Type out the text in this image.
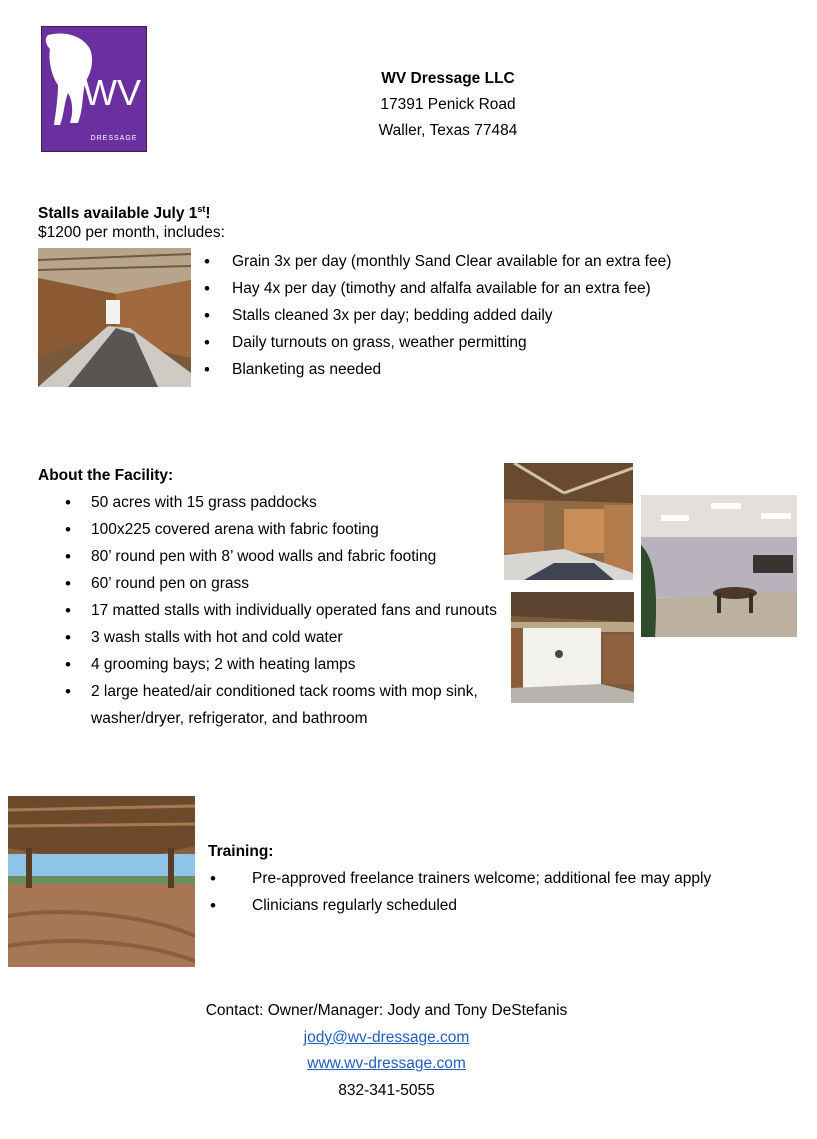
WV
DRESSAGE
WV Dressage LLC
17391 Penick Road
Waller, Texas 77484
Stalls available July 1st!
$1200 per month, includes:
• Grain 3x per day (monthly Sand Clear available for an extra fee)
• Hay 4x per day (timothy and alfalfa available for an extra fee)
• Stalls cleaned 3x per day; bedding added daily
• Daily turnouts on grass, weather permitting
• Blanketing as needed
About the Facility:
• 50 acres with 15 grass paddocks
• 100x225 covered arena with fabric footing
• 80’ round pen with 8’ wood walls and fabric footing
• 60’ round pen on grass
• 17 matted stalls with individually operated fans and runouts
• 3 wash stalls with hot and cold water
• 4 grooming bays; 2 with heating lamps
• 2 large heated/air conditioned tack rooms with mop sink, washer/dryer, refrigerator, and bathroom
Training:
• Pre-approved freelance trainers welcome; additional fee may apply
• Clinicians regularly scheduled
Contact: Owner/Manager: Jody and Tony DeStefanis
jody@wv-dressage.com
www.wv-dressage.com
832-341-5055
